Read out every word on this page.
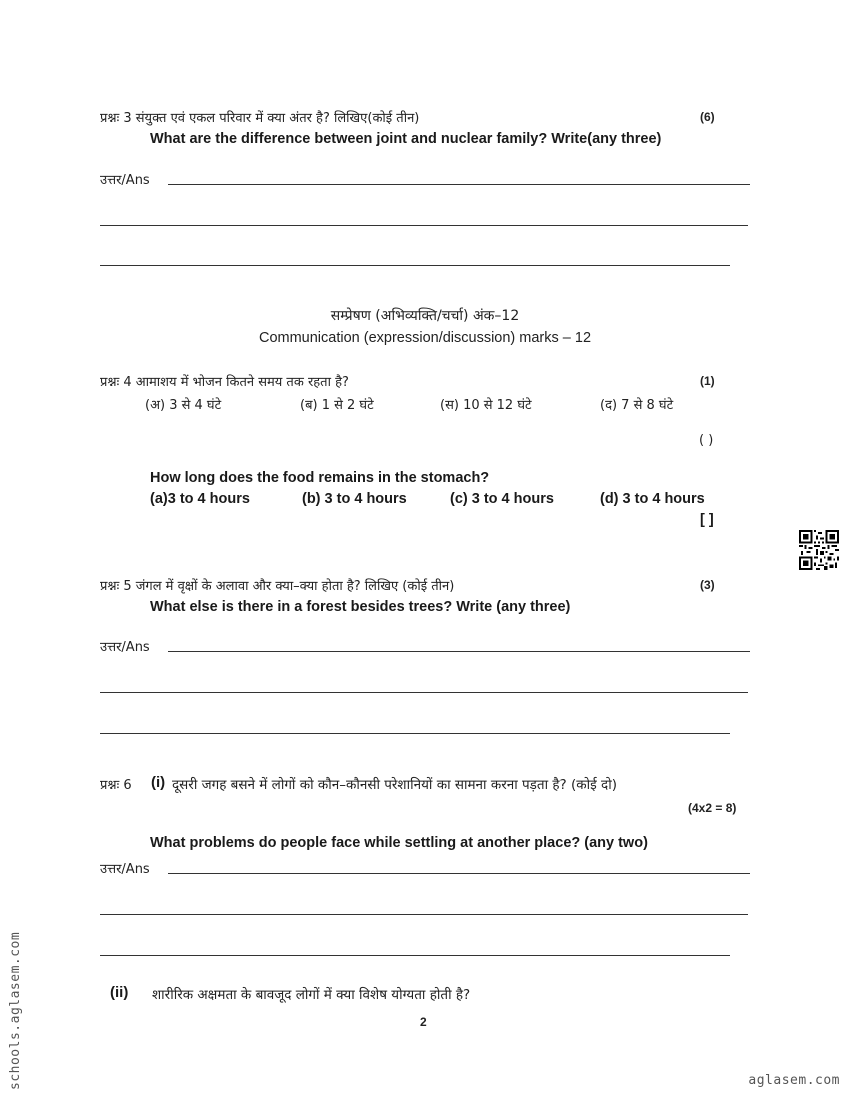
प्रश्नः 3 संयुक्त एवं एकल परिवार में क्या अंतर है? लिखिए(कोई तीन)	(6)
What are the difference between joint and nuclear family? Write(any three)
उत्तर/Ans
सम्प्रेषण (अभिव्यक्ति/चर्चा) अंक–12
Communication (expression/discussion) marks – 12
प्रश्नः 4 आमाशय में भोजन कितने समय तक रहता है?	(1)
(अ) 3 से 4 घंटे	(ब) 1 से 2 घंटे	(स) 10 से 12 घंटे	(द) 7 से 8 घंटे
( )
How long does the food remains in the stomach?
(a)3 to 4 hours	(b) 3 to 4 hours	(c) 3 to 4 hours	(d) 3 to 4 hours
[ ]
प्रश्नः 5 जंगल में वृक्षों के अलावा और क्या–क्या होता है? लिखिए (कोई तीन)	(3)
What else is there in a forest besides trees? Write (any three)
उत्तर/Ans
प्रश्नः 6 (i) दूसरी जगह बसने में लोगों को कौन–कौनसी परेशानियों का सामना करना पड़ता है? (कोई दो)
(4x2 = 8)
What problems do people face while settling at another place? (any two)
उत्तर/Ans
(ii) शारीरिक अक्षमता के बावजूद लोगों में क्या विशेष योग्यता होती है?
2
schools.aglasem.com	aglasem.com
